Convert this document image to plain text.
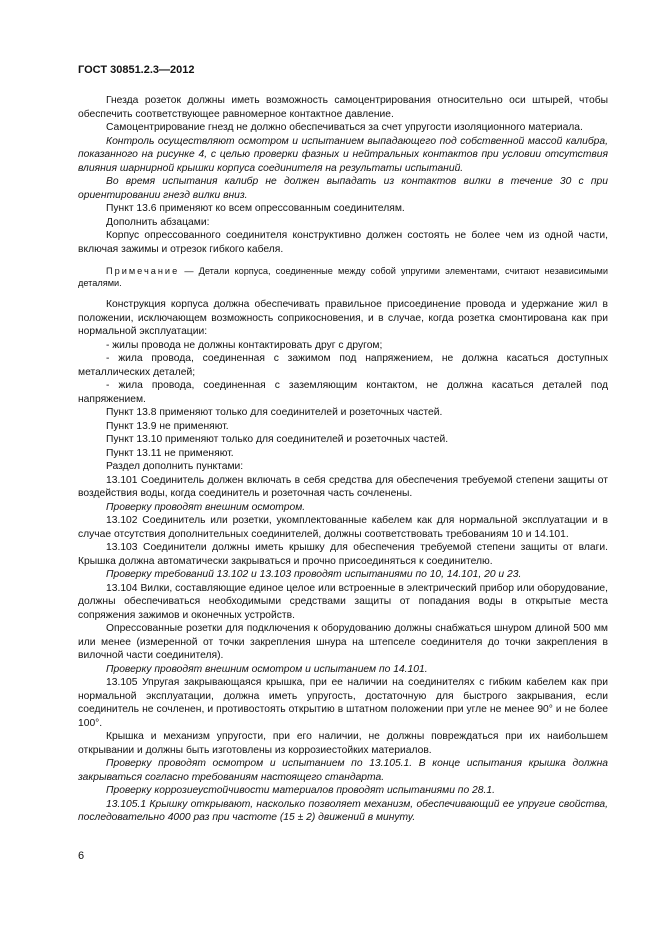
ГОСТ 30851.2.3—2012

Гнезда розеток должны иметь возможность самоцентрирования относительно оси штырей, чтобы обеспечить соответствующее равномерное контактное давление.

Самоцентрирование гнезд не должно обеспечиваться за счет упругости изоляционного материала.

Контроль осуществляют осмотром и испытанием выпадающего под собственной массой калибра, показанного на рисунке 4, с целью проверки фазных и нейтральных контактов при условии отсутствия влияния шарнирной крышки корпуса соединителя на результаты испытаний.

Во время испытания калибр не должен выпадать из контактов вилки в течение 30 с при ориентировании гнезд вилки вниз.

Пункт 13.6 применяют ко всем опрессованным соединителям.

Дополнить абзацами:

Корпус опрессованного соединителя конструктивно должен состоять не более чем из одной части, включая зажимы и отрезок гибкого кабеля.

Примечание — Детали корпуса, соединенные между собой упругими элементами, считают независимыми деталями.

Конструкция корпуса должна обеспечивать правильное присоединение провода и удержание жил в положении, исключающем возможность соприкосновения, и в случае, когда розетка смонтирована как при нормальной эксплуатации:

- жилы провода не должны контактировать друг с другом;

- жила провода, соединенная с зажимом под напряжением, не должна касаться доступных металлических деталей;

- жила провода, соединенная с заземляющим контактом, не должна касаться деталей под напряжением.

Пункт 13.8 применяют только для соединителей и розеточных частей.

Пункт 13.9 не применяют.

Пункт 13.10 применяют только для соединителей и розеточных частей.

Пункт 13.11 не применяют.

Раздел дополнить пунктами:

13.101 Соединитель должен включать в себя средства для обеспечения требуемой степени защиты от воздействия воды, когда соединитель и розеточная часть сочленены.

Проверку проводят внешним осмотром.

13.102 Соединитель или розетки, укомплектованные кабелем как для нормальной эксплуатации и в случае отсутствия дополнительных соединителей, должны соответствовать требованиям 10 и 14.101.

13.103 Соединители должны иметь крышку для обеспечения требуемой степени защиты от влаги. Крышка должна автоматически закрываться и прочно присоединяться к соединителю.

Проверку требований 13.102 и 13.103 проводят испытаниями по 10, 14.101, 20 и 23.

13.104 Вилки, составляющие единое целое или встроенные в электрический прибор или оборудование, должны обеспечиваться необходимыми средствами защиты от попадания воды в открытые места сопряжения зажимов и оконечных устройств.

Опрессованные розетки для подключения к оборудованию должны снабжаться шнуром длиной 500 мм или менее (измеренной от точки закрепления шнура на штепселе соединителя до точки закрепления в вилочной части соединителя).

Проверку проводят внешним осмотром и испытанием по 14.101.

13.105 Упругая закрывающаяся крышка, при ее наличии на соединителях с гибким кабелем как при нормальной эксплуатации, должна иметь упругость, достаточную для быстрого закрывания, если соединитель не сочленен, и противостоять открытию в штатном положении при угле не менее 90° и не более 100°.

Крышка и механизм упругости, при его наличии, не должны повреждаться при их наибольшем открывании и должны быть изготовлены из коррозиестойких материалов.

Проверку проводят осмотром и испытанием по 13.105.1. В конце испытания крышка должна закрываться согласно требованиям настоящего стандарта.

Проверку коррозиеустойчивости материалов проводят испытаниями по 28.1.

13.105.1 Крышку открывают, насколько позволяет механизм, обеспечивающий ее упругие свойства, последовательно 4000 раз при частоте (15 ± 2) движений в минуту.

6
